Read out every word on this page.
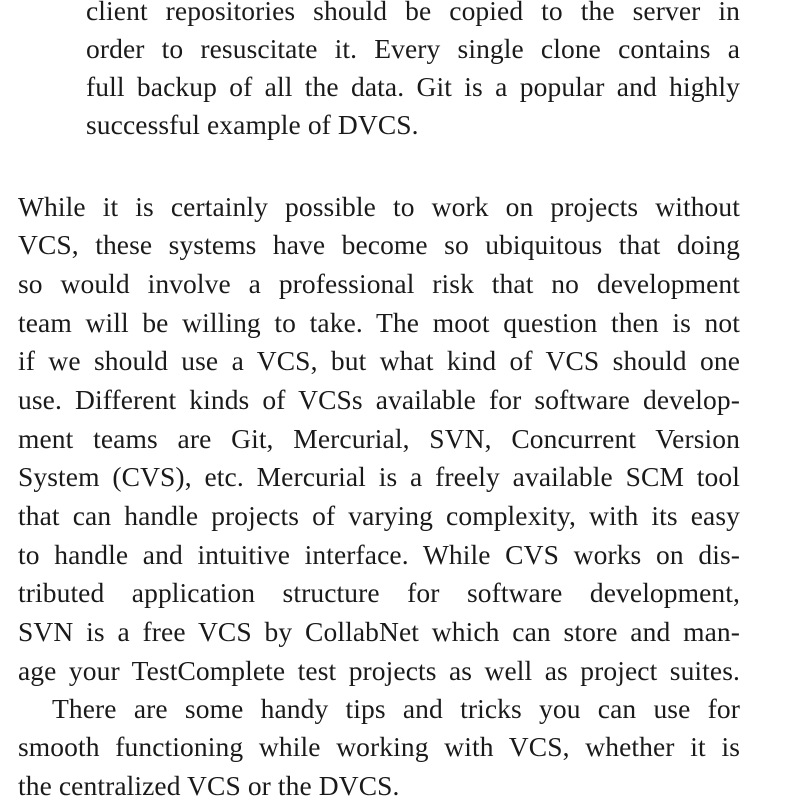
client repositories should be copied to the server in

order to resuscitate it. Every single clone contains a

full backup of all the data. Git is a popular and highly

successful example of DVCS.

While it is certainly possible to work on projects without

VCS, these systems have become so ubiquitous that doing

so would involve a professional risk that no development

team will be willing to take. The moot question then is not

if we should use a VCS, but what kind of VCS should one

use. Different kinds of VCSs available for software develop-

ment teams are Git, Mercurial, SVN, Concurrent Version

System (CVS), etc. Mercurial is a freely available SCM tool

that can handle projects of varying complexity, with its easy

to handle and intuitive interface. While CVS works on dis-

tributed application structure for software development,

SVN is a free VCS by CollabNet which can store and man-

age your TestComplete test projects as well as project suites.

There are some handy tips and tricks you can use for

smooth functioning while working with VCS, whether it is

the centralized VCS or the DVCS.
